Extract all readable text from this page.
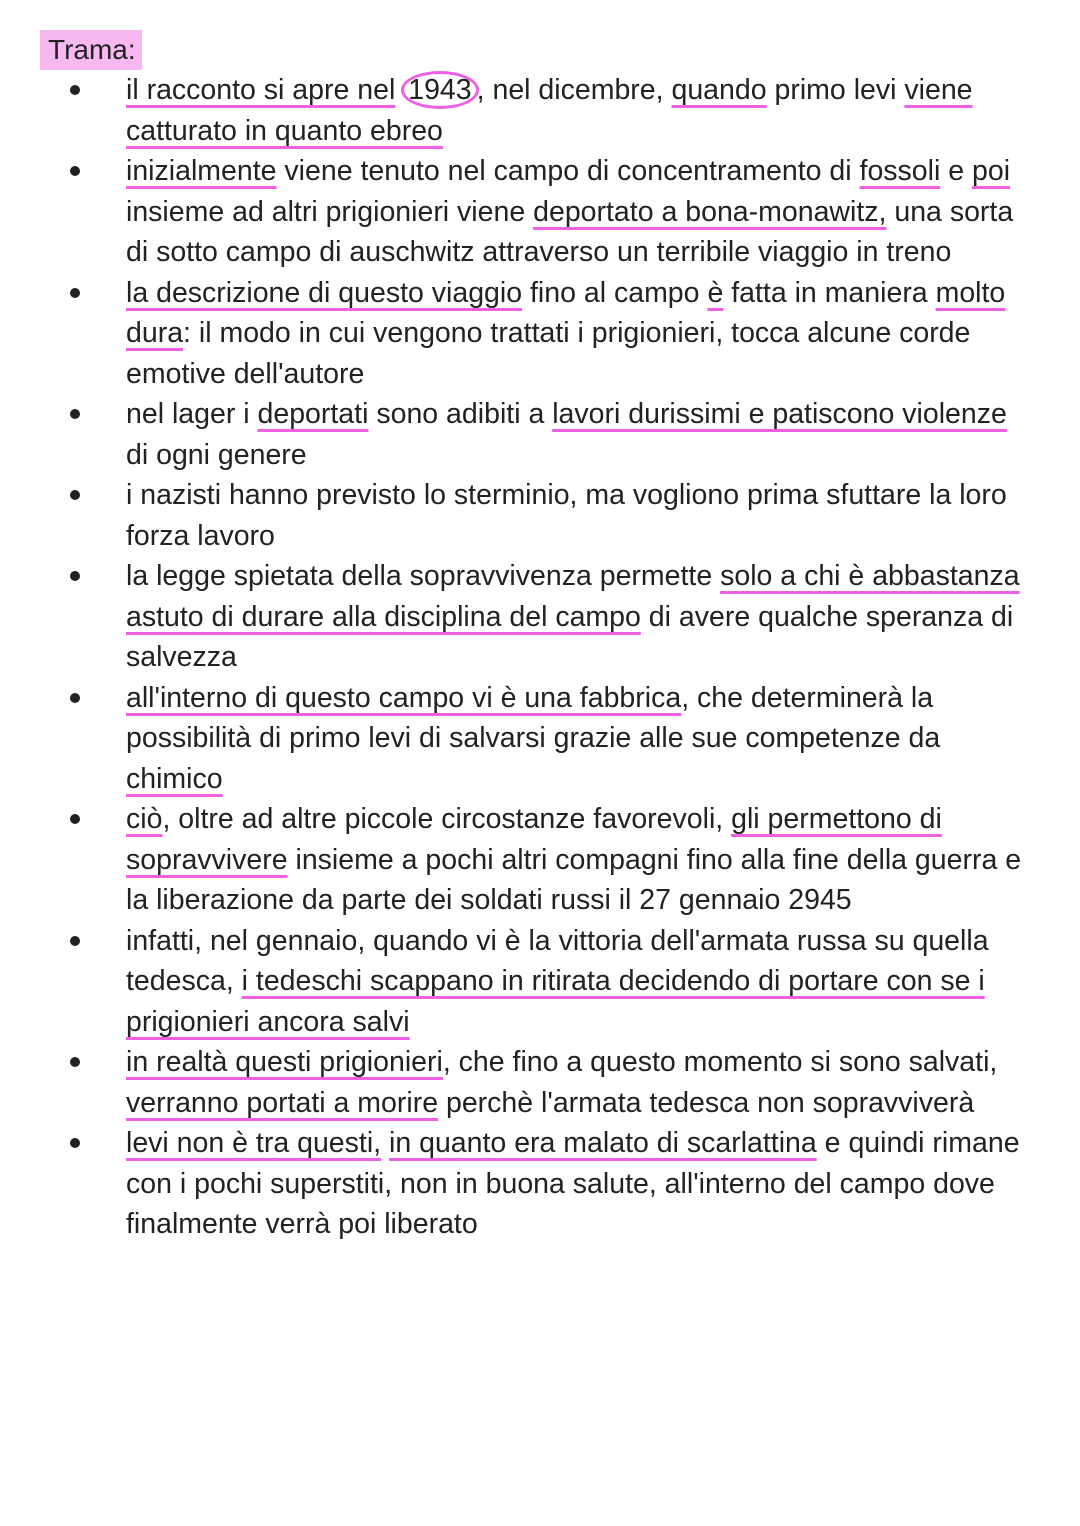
Trama:
il racconto si apre nel 1943 , nel dicembre, quando primo levi viene catturato in quanto ebreo
inizialmente viene tenuto nel campo di concentramento di fossoli e poi insieme ad altri prigionieri viene deportato a bona-monawitz, una sorta di sotto campo di auschwitz attraverso un terribile viaggio in treno
la descrizione di questo viaggio fino al campo è fatta in maniera molto dura: il modo in cui vengono trattati i prigionieri, tocca alcune corde emotive dell'autore
nel lager i deportati sono adibiti a lavori durissimi e patiscono violenze di ogni genere
i nazisti hanno previsto lo sterminio, ma vogliono prima sfuttare la loro forza lavoro
la legge spietata della sopravvivenza permette solo a chi è abbastanza astuto di durare alla disciplina del campo di avere qualche speranza di salvezza
all'interno di questo campo vi è una fabbrica, che determinerà la possibilità di primo levi di salvarsi grazie alle sue competenze da chimico
ciò, oltre ad altre piccole circostanze favorevoli, gli permettono di sopravvivere insieme a pochi altri compagni fino alla fine della guerra e la liberazione da parte dei soldati russi il 27 gennaio 2945
infatti, nel gennaio, quando vi è la vittoria dell'armata russa su quella tedesca, i tedeschi scappano in ritirata decidendo di portare con se i prigionieri ancora salvi
in realtà questi prigionieri, che fino a questo momento si sono salvati, verranno portati a morire perchè l'armata tedesca non sopravviverà
levi non è tra questi, in quanto era malato di scarlattina e quindi rimane con i pochi superstiti, non in buona salute, all'interno del campo dove finalmente verrà poi liberato
